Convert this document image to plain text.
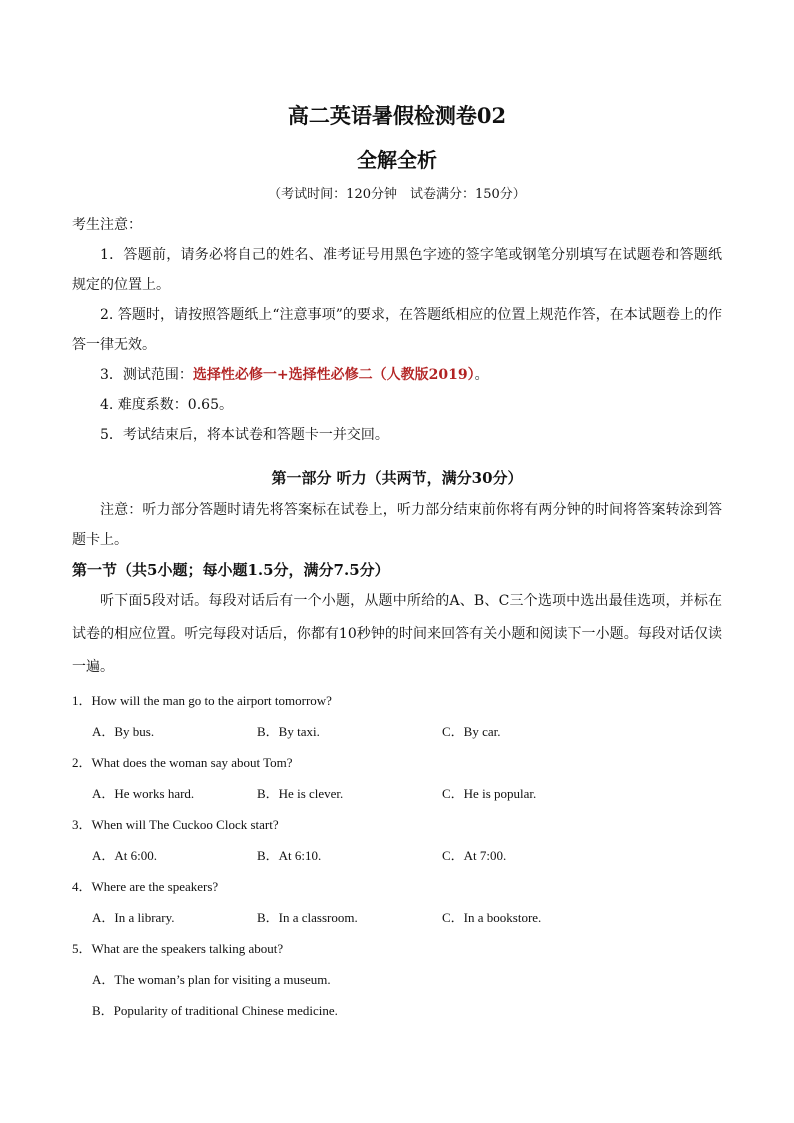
高二英语暑假检测卷02
全解全析
（考试时间：120分钟　试卷满分：150分）
考生注意：
1．答题前，请务必将自己的姓名、准考证号用黑色字迹的签字笔或钢笔分别填写在试题卷和答题纸规定的位置上。
2. 答题时，请按照答题纸上“注意事项”的要求，在答题纸相应的位置上规范作答，在本试题卷上的作答一律无效。
3．测试范围：选择性必修一+选择性必修二（人教版2019）。
4. 难度系数：0.65。
5．考试结束后，将本试卷和答题卡一并交回。
第一部分 听力（共两节，满分30分）
注意：听力部分答题时请先将答案标在试卷上，听力部分结束前你将有两分钟的时间将答案转涂到答题卡上。
第一节（共5小题；每小题1.5分，满分7.5分）
听下面5段对话。每段对话后有一个小题，从题中所给的A、B、C三个选项中选出最佳选项，并标在试卷的相应位置。听完每段对话后，你都有10秒钟的时间来回答有关小题和阅读下一小题。每段对话仅读一遍。
1．How will the man go to the airport tomorrow?
A．By bus.	B．By taxi.	C．By car.
2．What does the woman say about Tom?
A．He works hard.	B．He is clever.	C．He is popular.
3．When will The Cuckoo Clock start?
A．At 6:00.	B．At 6:10.	C．At 7:00.
4．Where are the speakers?
A．In a library.	B．In a classroom.	C．In a bookstore.
5．What are the speakers talking about?
A．The woman’s plan for visiting a museum.
B．Popularity of traditional Chinese medicine.
